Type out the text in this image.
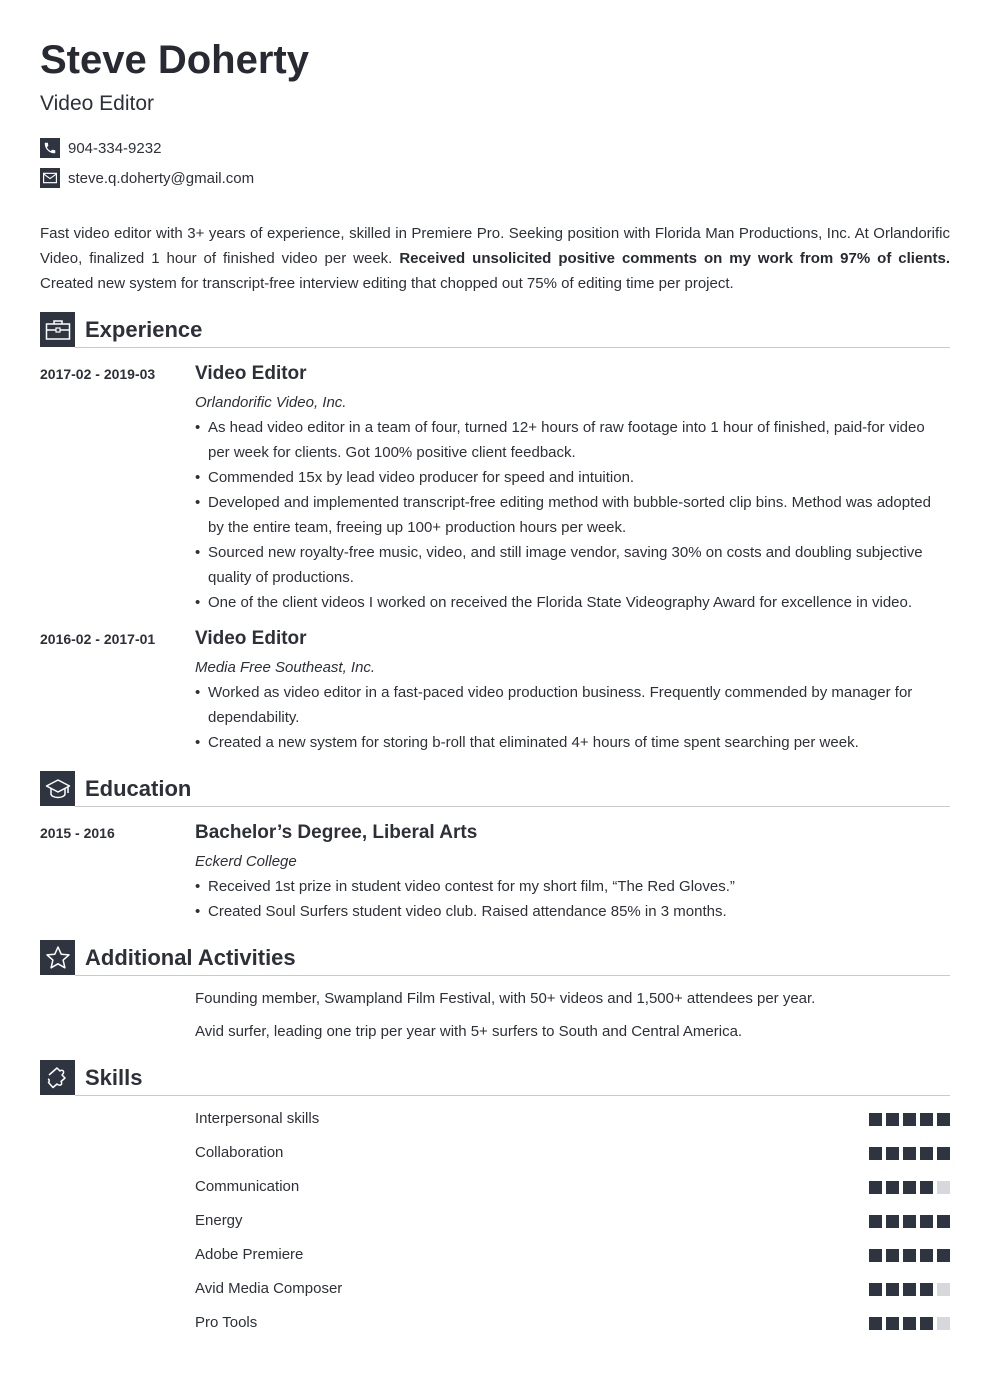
Steve Doherty
Video Editor
904-334-9232
steve.q.doherty@gmail.com
Fast video editor with 3+ years of experience, skilled in Premiere Pro. Seeking position with Florida Man Productions, Inc. At Orlandorific Video, finalized 1 hour of finished video per week. Received unsolicited positive comments on my work from 97% of clients. Created new system for transcript-free interview editing that chopped out 75% of editing time per project.
Experience
2017-02 - 2019-03	Video Editor
Orlandorific Video, Inc.
• As head video editor in a team of four, turned 12+ hours of raw footage into 1 hour of finished, paid-for video per week for clients. Got 100% positive client feedback.
• Commended 15x by lead video producer for speed and intuition.
• Developed and implemented transcript-free editing method with bubble-sorted clip bins. Method was adopted by the entire team, freeing up 100+ production hours per week.
• Sourced new royalty-free music, video, and still image vendor, saving 30% on costs and doubling subjective quality of productions.
• One of the client videos I worked on received the Florida State Videography Award for excellence in video.
2016-02 - 2017-01	Video Editor
Media Free Southeast, Inc.
• Worked as video editor in a fast-paced video production business. Frequently commended by manager for dependability.
• Created a new system for storing b-roll that eliminated 4+ hours of time spent searching per week.
Education
2015 - 2016	Bachelor’s Degree, Liberal Arts
Eckerd College
• Received 1st prize in student video contest for my short film, “The Red Gloves.”
• Created Soul Surfers student video club. Raised attendance 85% in 3 months.
Additional Activities
Founding member, Swampland Film Festival, with 50+ videos and 1,500+ attendees per year.
Avid surfer, leading one trip per year with 5+ surfers to South and Central America.
Skills
Interpersonal skills
Collaboration
Communication
Energy
Adobe Premiere
Avid Media Composer
Pro Tools
